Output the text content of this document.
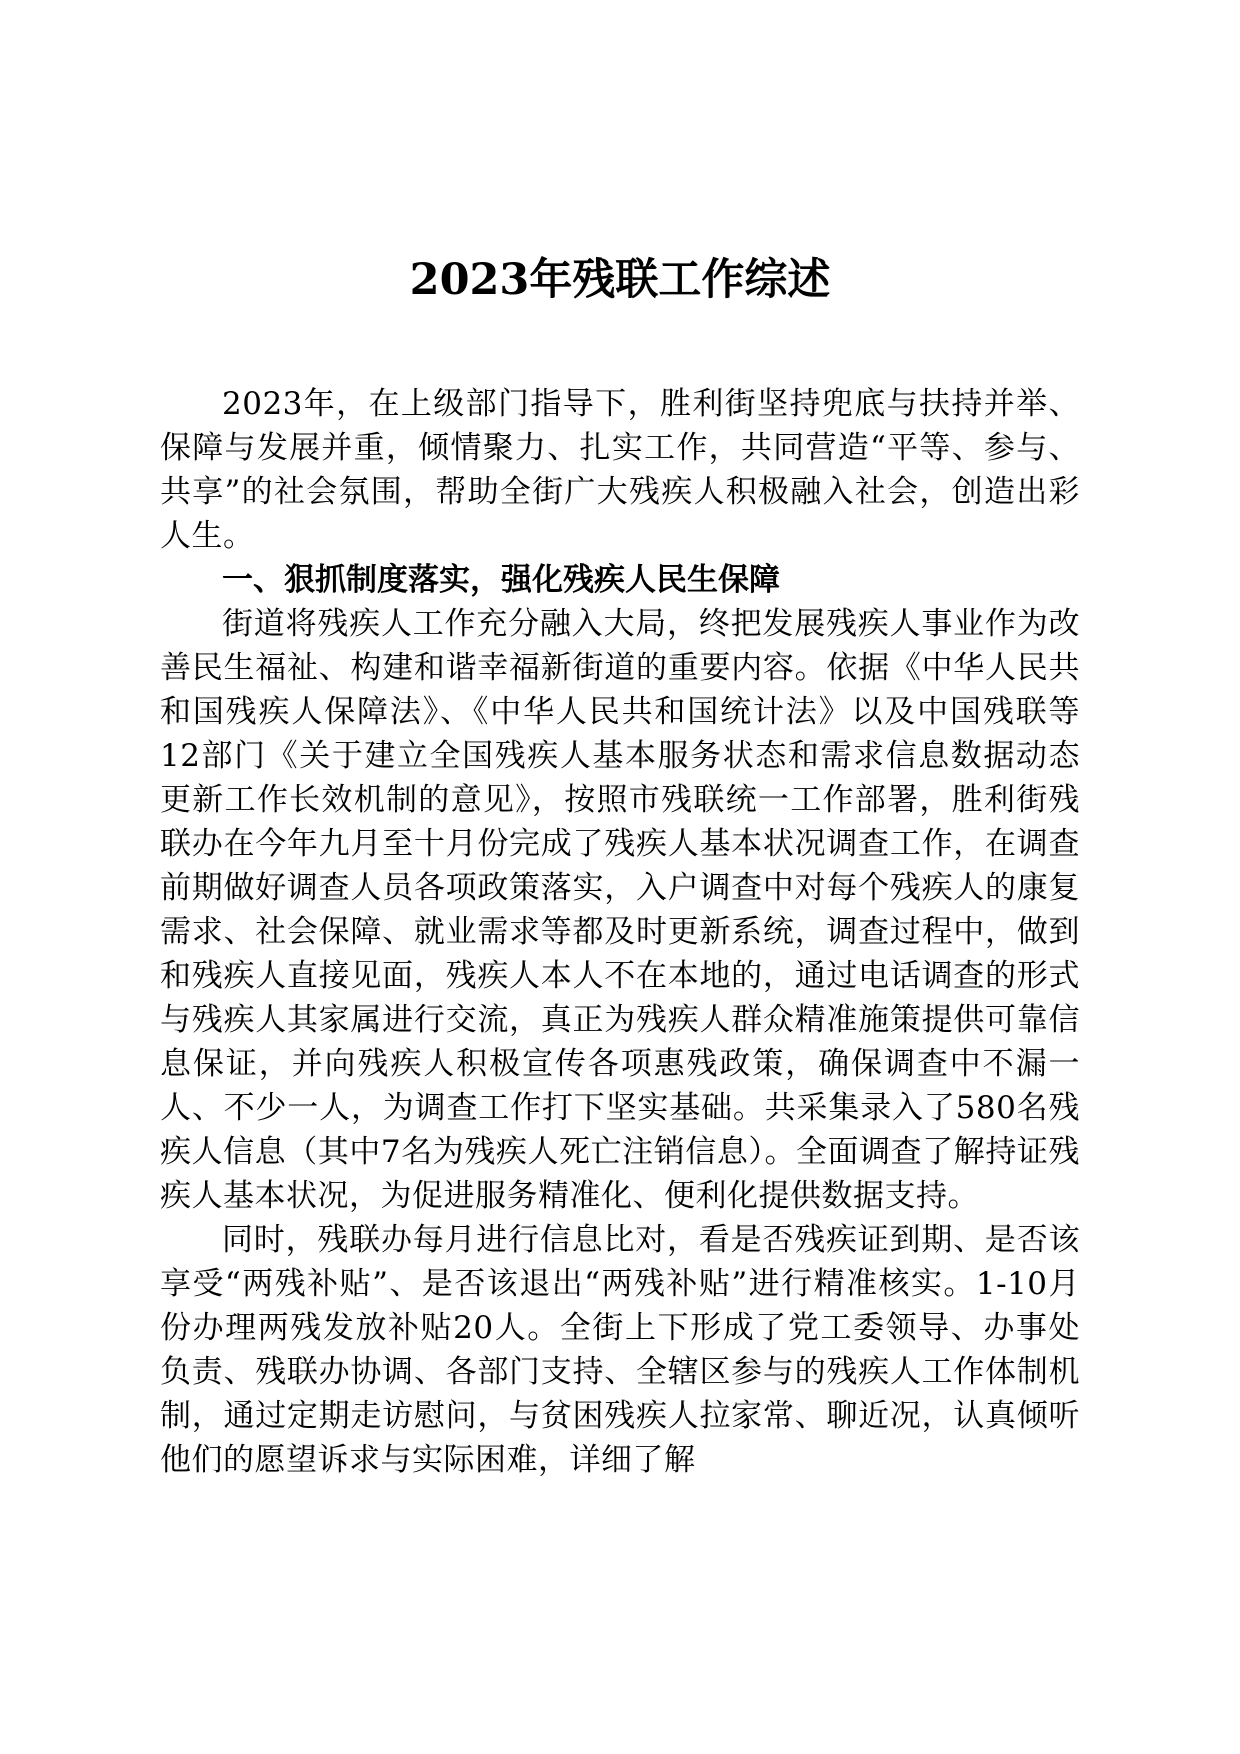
2023年残联工作综述

2023年，在上级部门指导下，胜利街坚持兜底与扶持并举、保障与发展并重，倾情聚力、扎实工作，共同营造“平等、参与、共享”的社会氛围，帮助全街广大残疾人积极融入社会，创造出彩人生。

一、狠抓制度落实，强化残疾人民生保障

街道将残疾人工作充分融入大局，终把发展残疾人事业作为改善民生福祉、构建和谐幸福新街道的重要内容。依据《中华人民共和国残疾人保障法》、《中华人民共和国统计法》以及中国残联等12部门《关于建立全国残疾人基本服务状态和需求信息数据动态更新工作长效机制的意见》，按照市残联统一工作部署，胜利街残联办在今年九月至十月份完成了残疾人基本状况调查工作，在调查前期做好调查人员各项政策落实，入户调查中对每个残疾人的康复需求、社会保障、就业需求等都及时更新系统，调查过程中，做到和残疾人直接见面，残疾人本人不在本地的，通过电话调查的形式与残疾人其家属进行交流，真正为残疾人群众精准施策提供可靠信息保证，并向残疾人积极宣传各项惠残政策，确保调查中不漏一人、不少一人，为调查工作打下坚实基础。共采集录入了580名残疾人信息（其中7名为残疾人死亡注销信息）。全面调查了解持证残疾人基本状况，为促进服务精准化、便利化提供数据支持。

同时，残联办每月进行信息比对，看是否残疾证到期、是否该享受“两残补贴”、是否该退出“两残补贴”进行精准核实。1-10月份办理两残发放补贴20人。全街上下形成了党工委领导、办事处负责、残联办协调、各部门支持、全辖区参与的残疾人工作体制机制，通过定期走访慰问，与贫困残疾人拉家常、聊近况，认真倾听他们的愿望诉求与实际困难，详细了解
